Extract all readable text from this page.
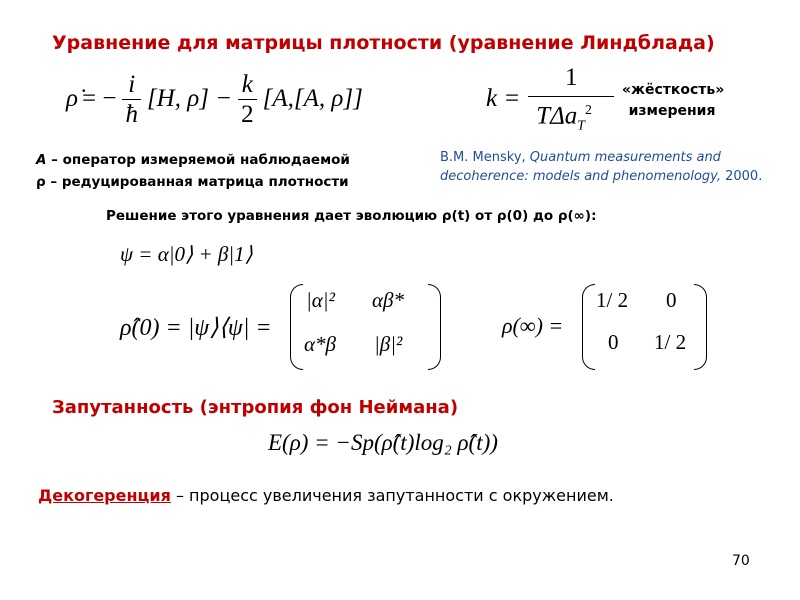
Уравнение для матрицы плотности (уравнение Линдблада)
ρ̇ = − $\frac{i}{ħ} [H$, $\rho] - \frac{k}{2} [A,[A$, ρ]]	$k = \frac{1}{T\Delta a_T^2}$ «жёсткость»
измерения
A – оператор измеряемой наблюдаемой
ρ – редуцированная матрица плотности
B.M. Mensky, Quantum measurements and decoherence: models and phenomenology, 2000.
Решение этого уравнения дает эволюцию ρ(t) от ρ(0) до ρ(∞):
ψ = α|0⟩ + β|1⟩
ρ̂(0) = |ψ⟩⟨ψ| =
|α|² αβ*
α*β |β|²
ρ(∞) =
1/ 2 0
0 1/ 2
Запутанность (энтропия фон Неймана)
E(ρ) = −Sp(ρ̂(t)log₂ ρ̂(t))
Декогеренция – процесс увеличения запутанности с окружением.
70
